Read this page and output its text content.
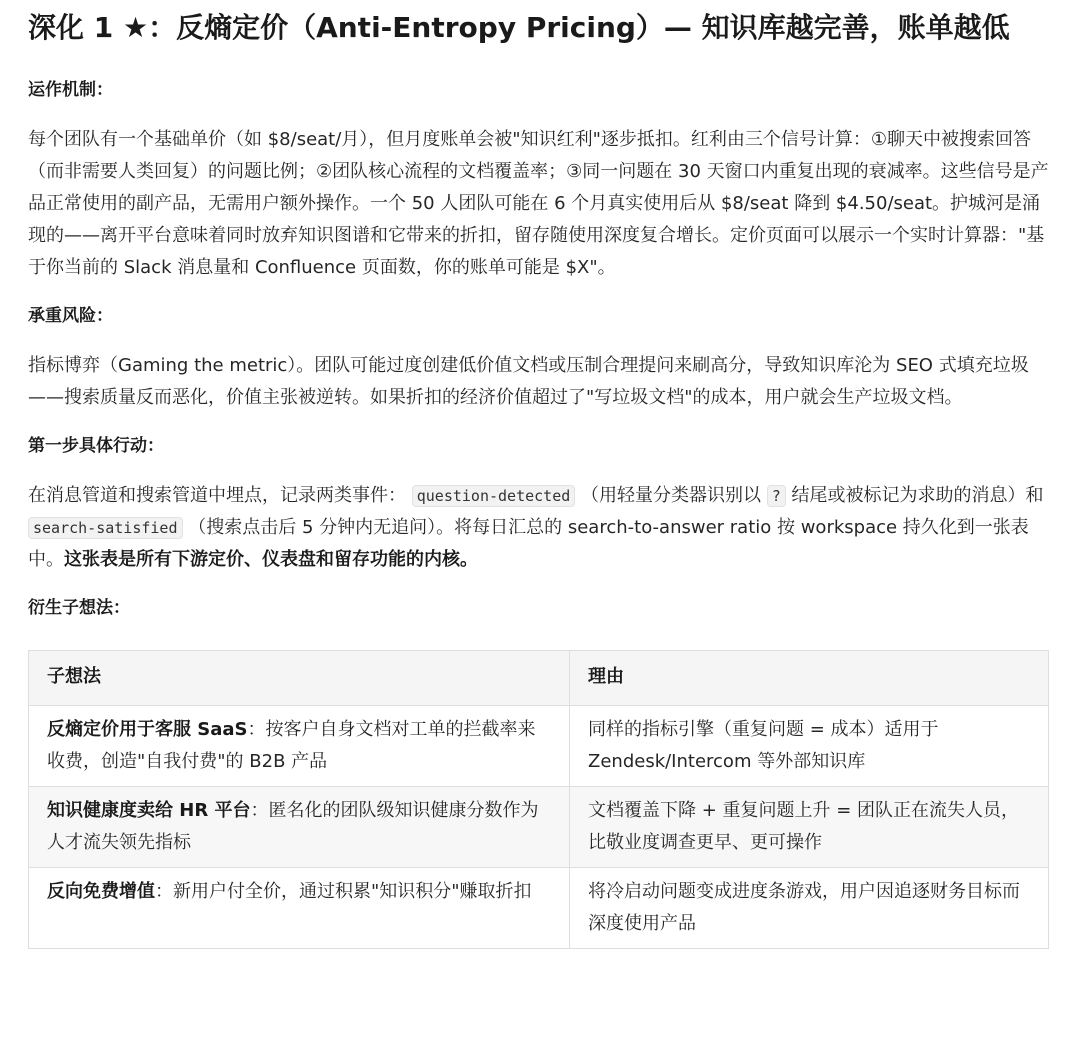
深化 1 ★：反熵定价（Anti-Entropy Pricing）— 知识库越完善，账单越低
运作机制：

每个团队有一个基础单价（如 $8/seat/月），但月度账单会被"知识红利"逐步抵扣。红利由三个信号计算：①聊天中被搜索回答（而非需要人类回复）的问题比例；②团队核心流程的文档覆盖率；③同一问题在 30 天窗口内重复出现的衰减率。这些信号是产品正常使用的副产品，无需用户额外操作。一个 50 人团队可能在 6 个月真实使用后从 $8/seat 降到 $4.50/seat。护城河是涌现的——离开平台意味着同时放弃知识图谱和它带来的折扣，留存随使用深度复合增长。定价页面可以展示一个实时计算器："基于你当前的 Slack 消息量和 Confluence 页面数，你的账单可能是 $X"。

承重风险：

指标博弈（Gaming the metric）。团队可能过度创建低价值文档或压制合理提问来刷高分，导致知识库沦为 SEO 式填充垃圾——搜索质量反而恶化，价值主张被逆转。如果折扣的经济价值超过了"写垃圾文档"的成本，用户就会生产垃圾文档。

第一步具体行动：

在消息管道和搜索管道中埋点，记录两类事件： question-detected （用轻量分类器识别以 ? 结尾或被标记为求助的消息）和 search-satisfied （搜索点击后 5 分钟内无追问）。将每日汇总的 search-to-answer ratio 按 workspace 持久化到一张表中。这张表是所有下游定价、仪表盘和留存功能的内核。

衍生子想法：
子想法	理由
反熵定价用于客服 SaaS：按客户自身文档对工单的拦截率来收费，创造"自我付费"的 B2B 产品	同样的指标引擎（重复问题 = 成本）适用于 Zendesk/Intercom 等外部知识库
知识健康度卖给 HR 平台：匿名化的团队级知识健康分数作为人才流失领先指标	文档覆盖下降 + 重复问题上升 = 团队正在流失人员，比敬业度调查更早、更可操作
反向免费增值：新用户付全价，通过积累"知识积分"赚取折扣	将冷启动问题变成进度条游戏，用户因追逐财务目标而深度使用产品
